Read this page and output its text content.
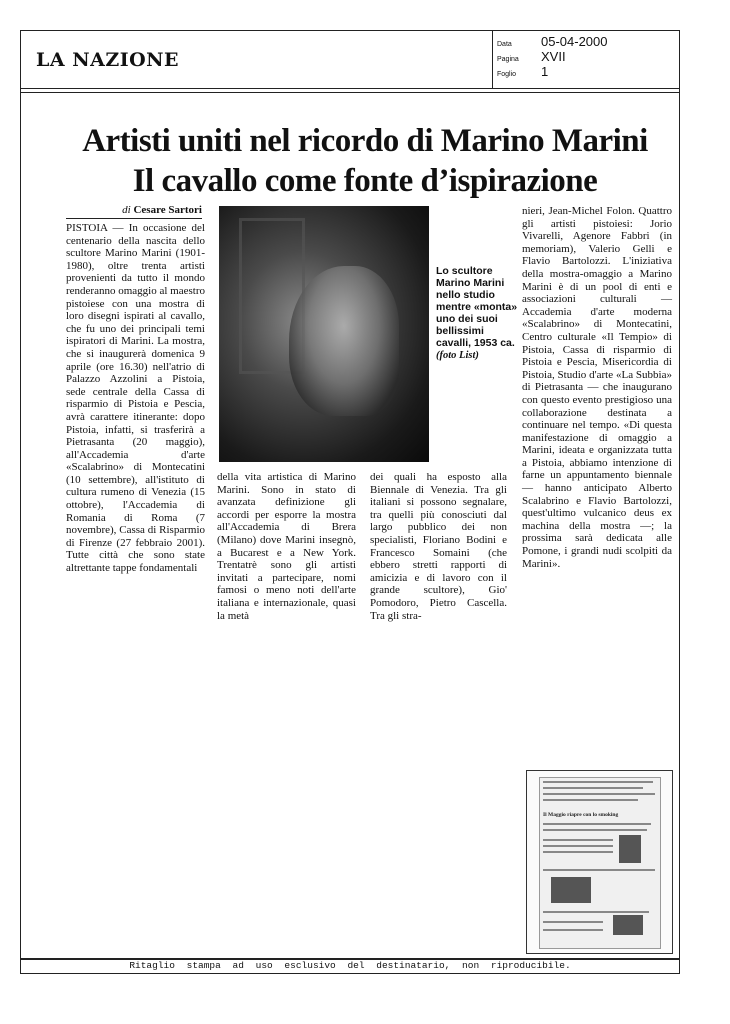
LA NAZIONE
Data	05-04-2000
Pagina	XVII
Foglio	1
Artisti uniti nel ricordo di Marino Marini
Il cavallo come fonte d’ispirazione
di Cesare Sartori

PISTOIA — In occasione del centenario della nascita dello scultore Marino Marini (1901-1980), oltre trenta artisti provenienti da tutto il mondo renderanno omaggio al maestro pistoiese con una mostra di loro disegni ispirati al cavallo, che fu uno dei principali temi ispiratori di Marini. La mostra, che si inaugurerà domenica 9 aprile (ore 16.30) nell'atrio di Palazzo Azzolini a Pistoia, sede centrale della Cassa di risparmio di Pistoia e Pescia, avrà carattere itinerante: dopo Pistoia, infatti, si trasferirà a Pietrasanta (20 maggio), all'Accademia d'arte «Scalabrino» di Montecatini (10 settembre), all'istituto di cultura rumeno di Venezia (15 ottobre), l'Accademia di Romania di Roma (7 novembre), Cassa di Risparmio di Firenze (27 febbraio 2001). Tutte città che sono state altrettante tappe fondamentali

Lo scultore Marino Marini nello studio mentre «monta» uno dei suoi bellissimi cavalli, 1953 ca. (foto List)

della vita artistica di Marino Marini. Sono in stato di avanzata definizione gli accordi per esporre la mostra all'Accademia di Brera (Milano) dove Marini insegnò, a Bucarest e a New York. Trentatrè sono gli artisti invitati a partecipare, nomi famosi o meno noti dell'arte italiana e internazionale, quasi la metà

dei quali ha esposto alla Biennale di Venezia. Tra gli italiani si possono segnalare, tra quelli più conosciuti dal largo pubblico dei non specialisti, Floriano Bodini e Francesco Somaini (che ebbero stretti rapporti di amicizia e di lavoro con il grande scultore), Gio' Pomodoro, Pietro Cascella. Tra gli stra-

nieri, Jean-Michel Folon. Quattro gli artisti pistoiesi: Jorio Vivarelli, Agenore Fabbri (in memoriam), Valerio Gelli e Flavio Bartolozzi. L'iniziativa della mostra-omaggio a Marino Marini è di un pool di enti e associazioni culturali — Accademia d'arte moderna «Scalabrino» di Montecatini, Centro culturale «Il Tempio» di Pistoia, Cassa di risparmio di Pistoia e Pescia, Misericordia di Pistoia, Studio d'arte «La Subbia» di Pietrasanta — che inaugurano con questo evento prestigioso una collaborazione destinata a continuare nel tempo. «Di questa manifestazione di omaggio a Marini, ideata e organizzata tutta a Pistoia, abbiamo intenzione di farne un appuntamento biennale — hanno anticipato Alberto Scalabrino e Flavio Bartolozzi, quest'ultimo vulcanico deus ex machina della mostra —; la prossima sarà dedicata alle Pomone, i grandi nudi scolpiti da Marini».

Il Maggio riapre con lo smoking
Ritaglio stampa ad uso esclusivo del destinatario, non riproducibile.
